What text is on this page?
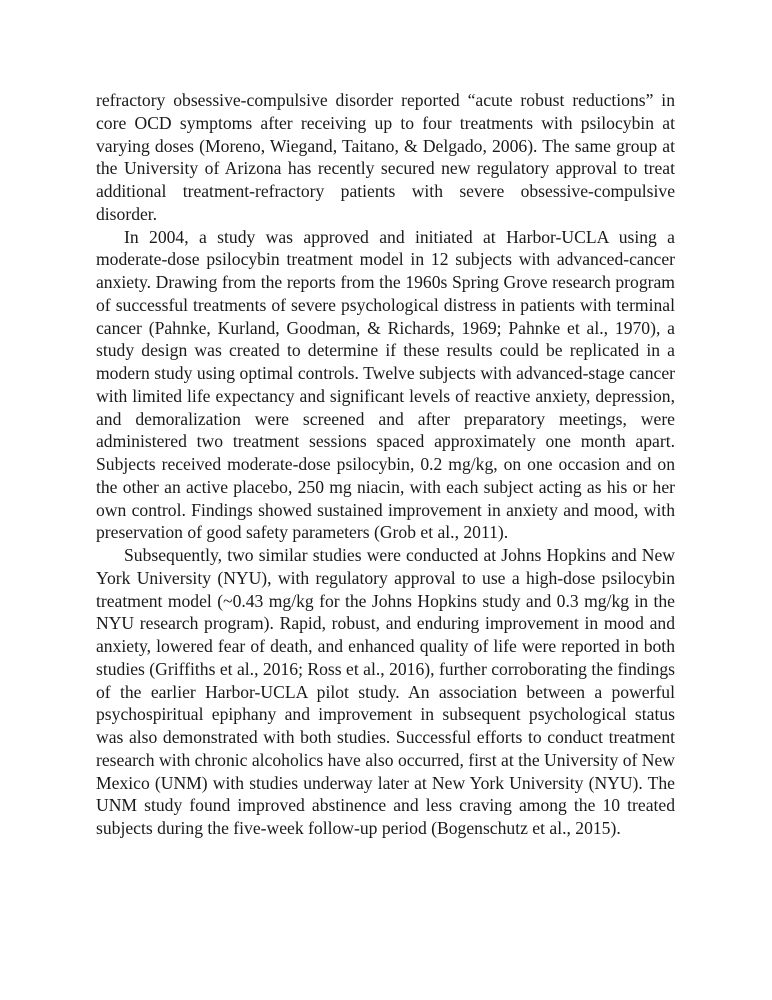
refractory obsessive-compulsive disorder reported “acute robust reductions” in core OCD symptoms after receiving up to four treatments with psilocybin at varying doses (Moreno, Wiegand, Taitano, & Delgado, 2006). The same group at the University of Arizona has recently secured new regulatory approval to treat additional treatment-refractory patients with severe obsessive-compulsive disorder.

In 2004, a study was approved and initiated at Harbor-UCLA using a moderate-dose psilocybin treatment model in 12 subjects with advanced-cancer anxiety. Drawing from the reports from the 1960s Spring Grove research program of successful treatments of severe psychological distress in patients with terminal cancer (Pahnke, Kurland, Goodman, & Richards, 1969; Pahnke et al., 1970), a study design was created to determine if these results could be replicated in a modern study using optimal controls. Twelve subjects with advanced-stage cancer with limited life expectancy and significant levels of reactive anxiety, depression, and demoralization were screened and after preparatory meetings, were administered two treatment sessions spaced approximately one month apart. Subjects received moderate-dose psilocybin, 0.2 mg/kg, on one occasion and on the other an active placebo, 250 mg niacin, with each subject acting as his or her own control. Findings showed sustained improvement in anxiety and mood, with preservation of good safety parameters (Grob et al., 2011).

Subsequently, two similar studies were conducted at Johns Hopkins and New York University (NYU), with regulatory approval to use a high-dose psilocybin treatment model (~0.43 mg/kg for the Johns Hopkins study and 0.3 mg/kg in the NYU research program). Rapid, robust, and enduring improvement in mood and anxiety, lowered fear of death, and enhanced quality of life were reported in both studies (Griffiths et al., 2016; Ross et al., 2016), further corroborating the findings of the earlier Harbor-UCLA pilot study. An association between a powerful psychospiritual epiphany and improvement in subsequent psychological status was also demonstrated with both studies. Successful efforts to conduct treatment research with chronic alcoholics have also occurred, first at the University of New Mexico (UNM) with studies underway later at New York University (NYU). The UNM study found improved abstinence and less craving among the 10 treated subjects during the five-week follow-up period (Bogenschutz et al., 2015).
